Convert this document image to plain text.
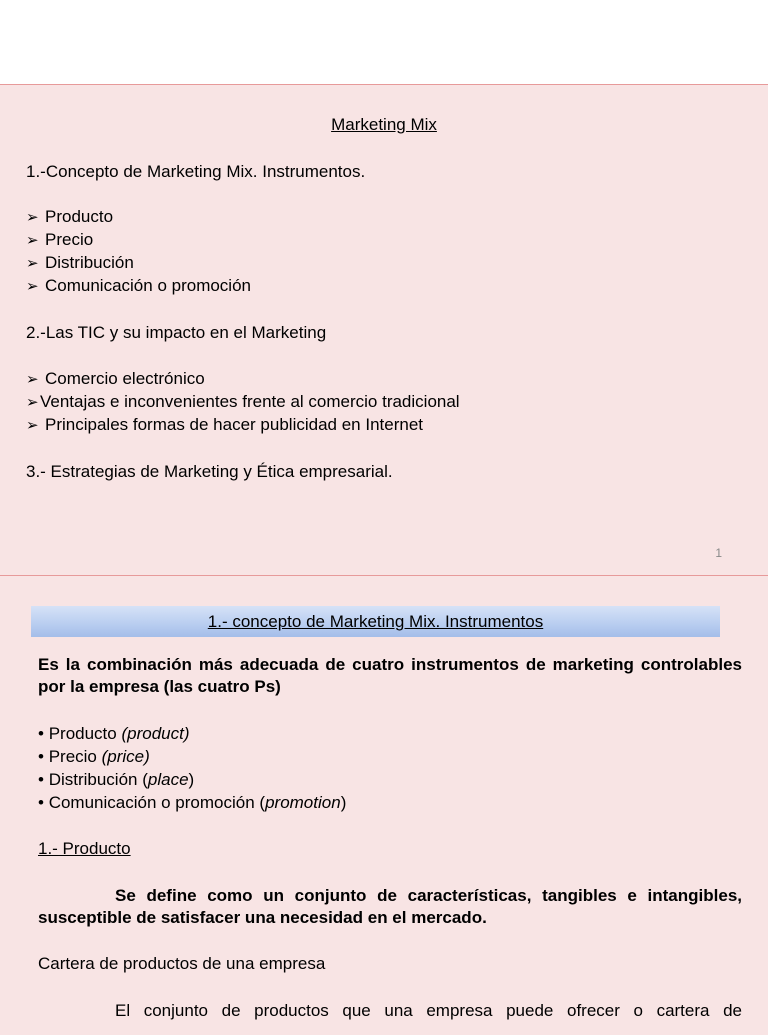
Marketing Mix
1.-Concepto de Marketing Mix. Instrumentos.
➢ Producto
➢ Precio
➢ Distribución
➢ Comunicación o promoción
2.-Las TIC y su impacto en el Marketing
➢ Comercio electrónico
➢Ventajas e inconvenientes frente al comercio tradicional
➢ Principales formas de hacer publicidad en Internet
3.- Estrategias de Marketing y Ética empresarial.
1
1.- concepto de Marketing Mix. Instrumentos
Es la combinación más adecuada de cuatro instrumentos de marketing controlables por la empresa (las cuatro Ps)
• Producto (product)
• Precio (price)
• Distribución (place)
• Comunicación o promoción (promotion)
1.- Producto
Se define como un conjunto de características, tangibles e intangibles, susceptible de satisfacer una necesidad en el mercado.
Cartera de productos de una empresa
El conjunto de productos que una empresa puede ofrecer o cartera de
